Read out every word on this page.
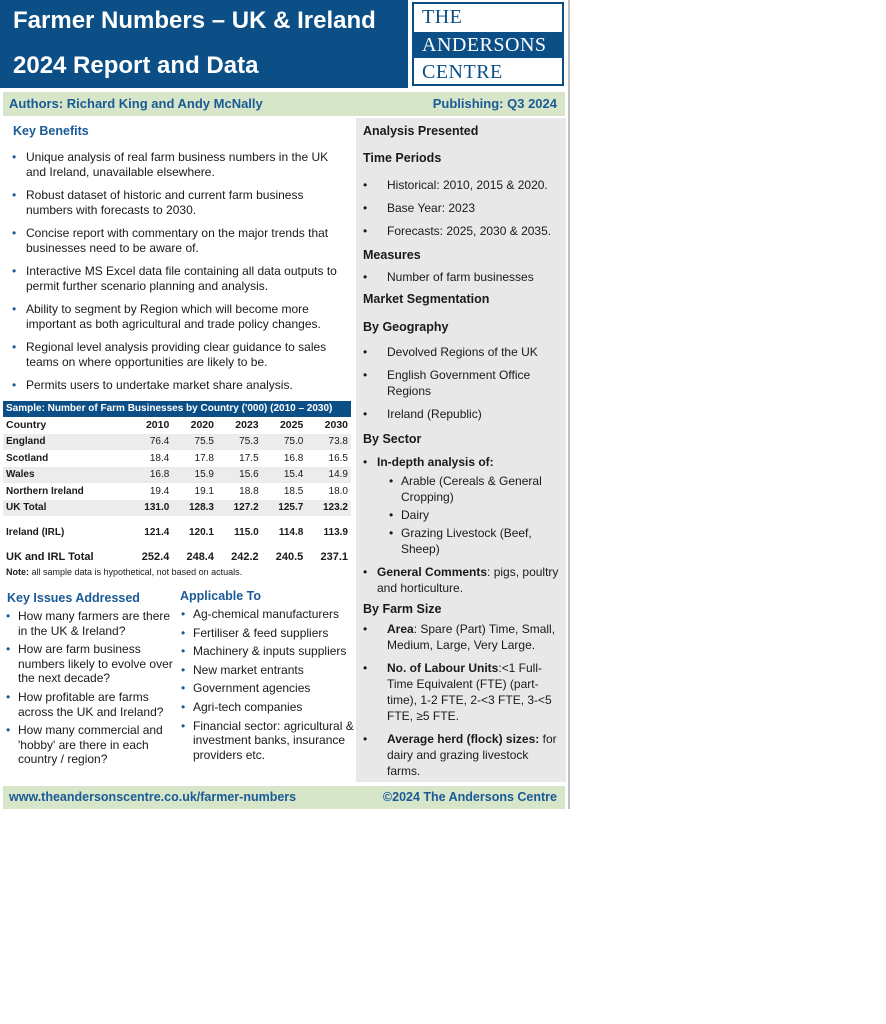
Farmer Numbers – UK & Ireland
2024 Report and Data
THE
ANDERSONS
CENTRE
Authors: Richard King and Andy McNally	Publishing: Q3 2024
Key Benefits
• Unique analysis of real farm business numbers in the UK and Ireland, unavailable elsewhere.
• Robust dataset of historic and current farm business numbers with forecasts to 2030.
• Concise report with commentary on the major trends that businesses need to be aware of.
• Interactive MS Excel data file containing all data outputs to permit further scenario planning and analysis.
• Ability to segment by Region which will become more important as both agricultural and trade policy changes.
• Regional level analysis providing clear guidance to sales teams on where opportunities are likely to be.
• Permits users to undertake market share analysis.
Sample: Number of Farm Businesses by Country ('000) (2010 – 2030)
Country	2010	2020	2023	2025	2030
England	76.4	75.5	75.3	75.0	73.8
Scotland	18.4	17.8	17.5	16.8	16.5
Wales	16.8	15.9	15.6	15.4	14.9
Northern Ireland	19.4	19.1	18.8	18.5	18.0
UK Total	131.0	128.3	127.2	125.7	123.2

Ireland (IRL)	121.4	120.1	115.0	114.8	113.9

UK and IRL Total	252.4	248.4	242.2	240.5	237.1
Note: all sample data is hypothetical, not based on actuals.
Key Issues Addressed
• How many farmers are there in the UK & Ireland?
• How are farm business numbers likely to evolve over the next decade?
• How profitable are farms across the UK and Ireland?
• How many commercial and 'hobby' are there in each country / region?
Applicable To
• Ag-chemical manufacturers
• Fertiliser & feed suppliers
• Machinery & inputs suppliers
• New market entrants
• Government agencies
• Agri-tech companies
• Financial sector: agricultural & investment banks, insurance providers etc.
Analysis Presented
Time Periods
• Historical: 2010, 2015 & 2020.
• Base Year: 2023
• Forecasts: 2025, 2030 & 2035.
Measures
• Number of farm businesses
Market Segmentation
By Geography
• Devolved Regions of the UK
• English Government Office Regions
• Ireland (Republic)
By Sector
• In-depth analysis of:
• Arable (Cereals & General Cropping)
• Dairy
• Grazing Livestock (Beef, Sheep)
• General Comments: pigs, poultry and horticulture.
By Farm Size
• Area: Spare (Part) Time, Small, Medium, Large, Very Large.
• No. of Labour Units:<1 Full-Time Equivalent (FTE) (part-time), 1-2 FTE, 2-<3 FTE, 3-<5 FTE, ≥5 FTE.
• Average herd (flock) sizes: for dairy and grazing livestock farms.
www.theandersonscentre.co.uk/farmer-numbers	©2024 The Andersons Centre
